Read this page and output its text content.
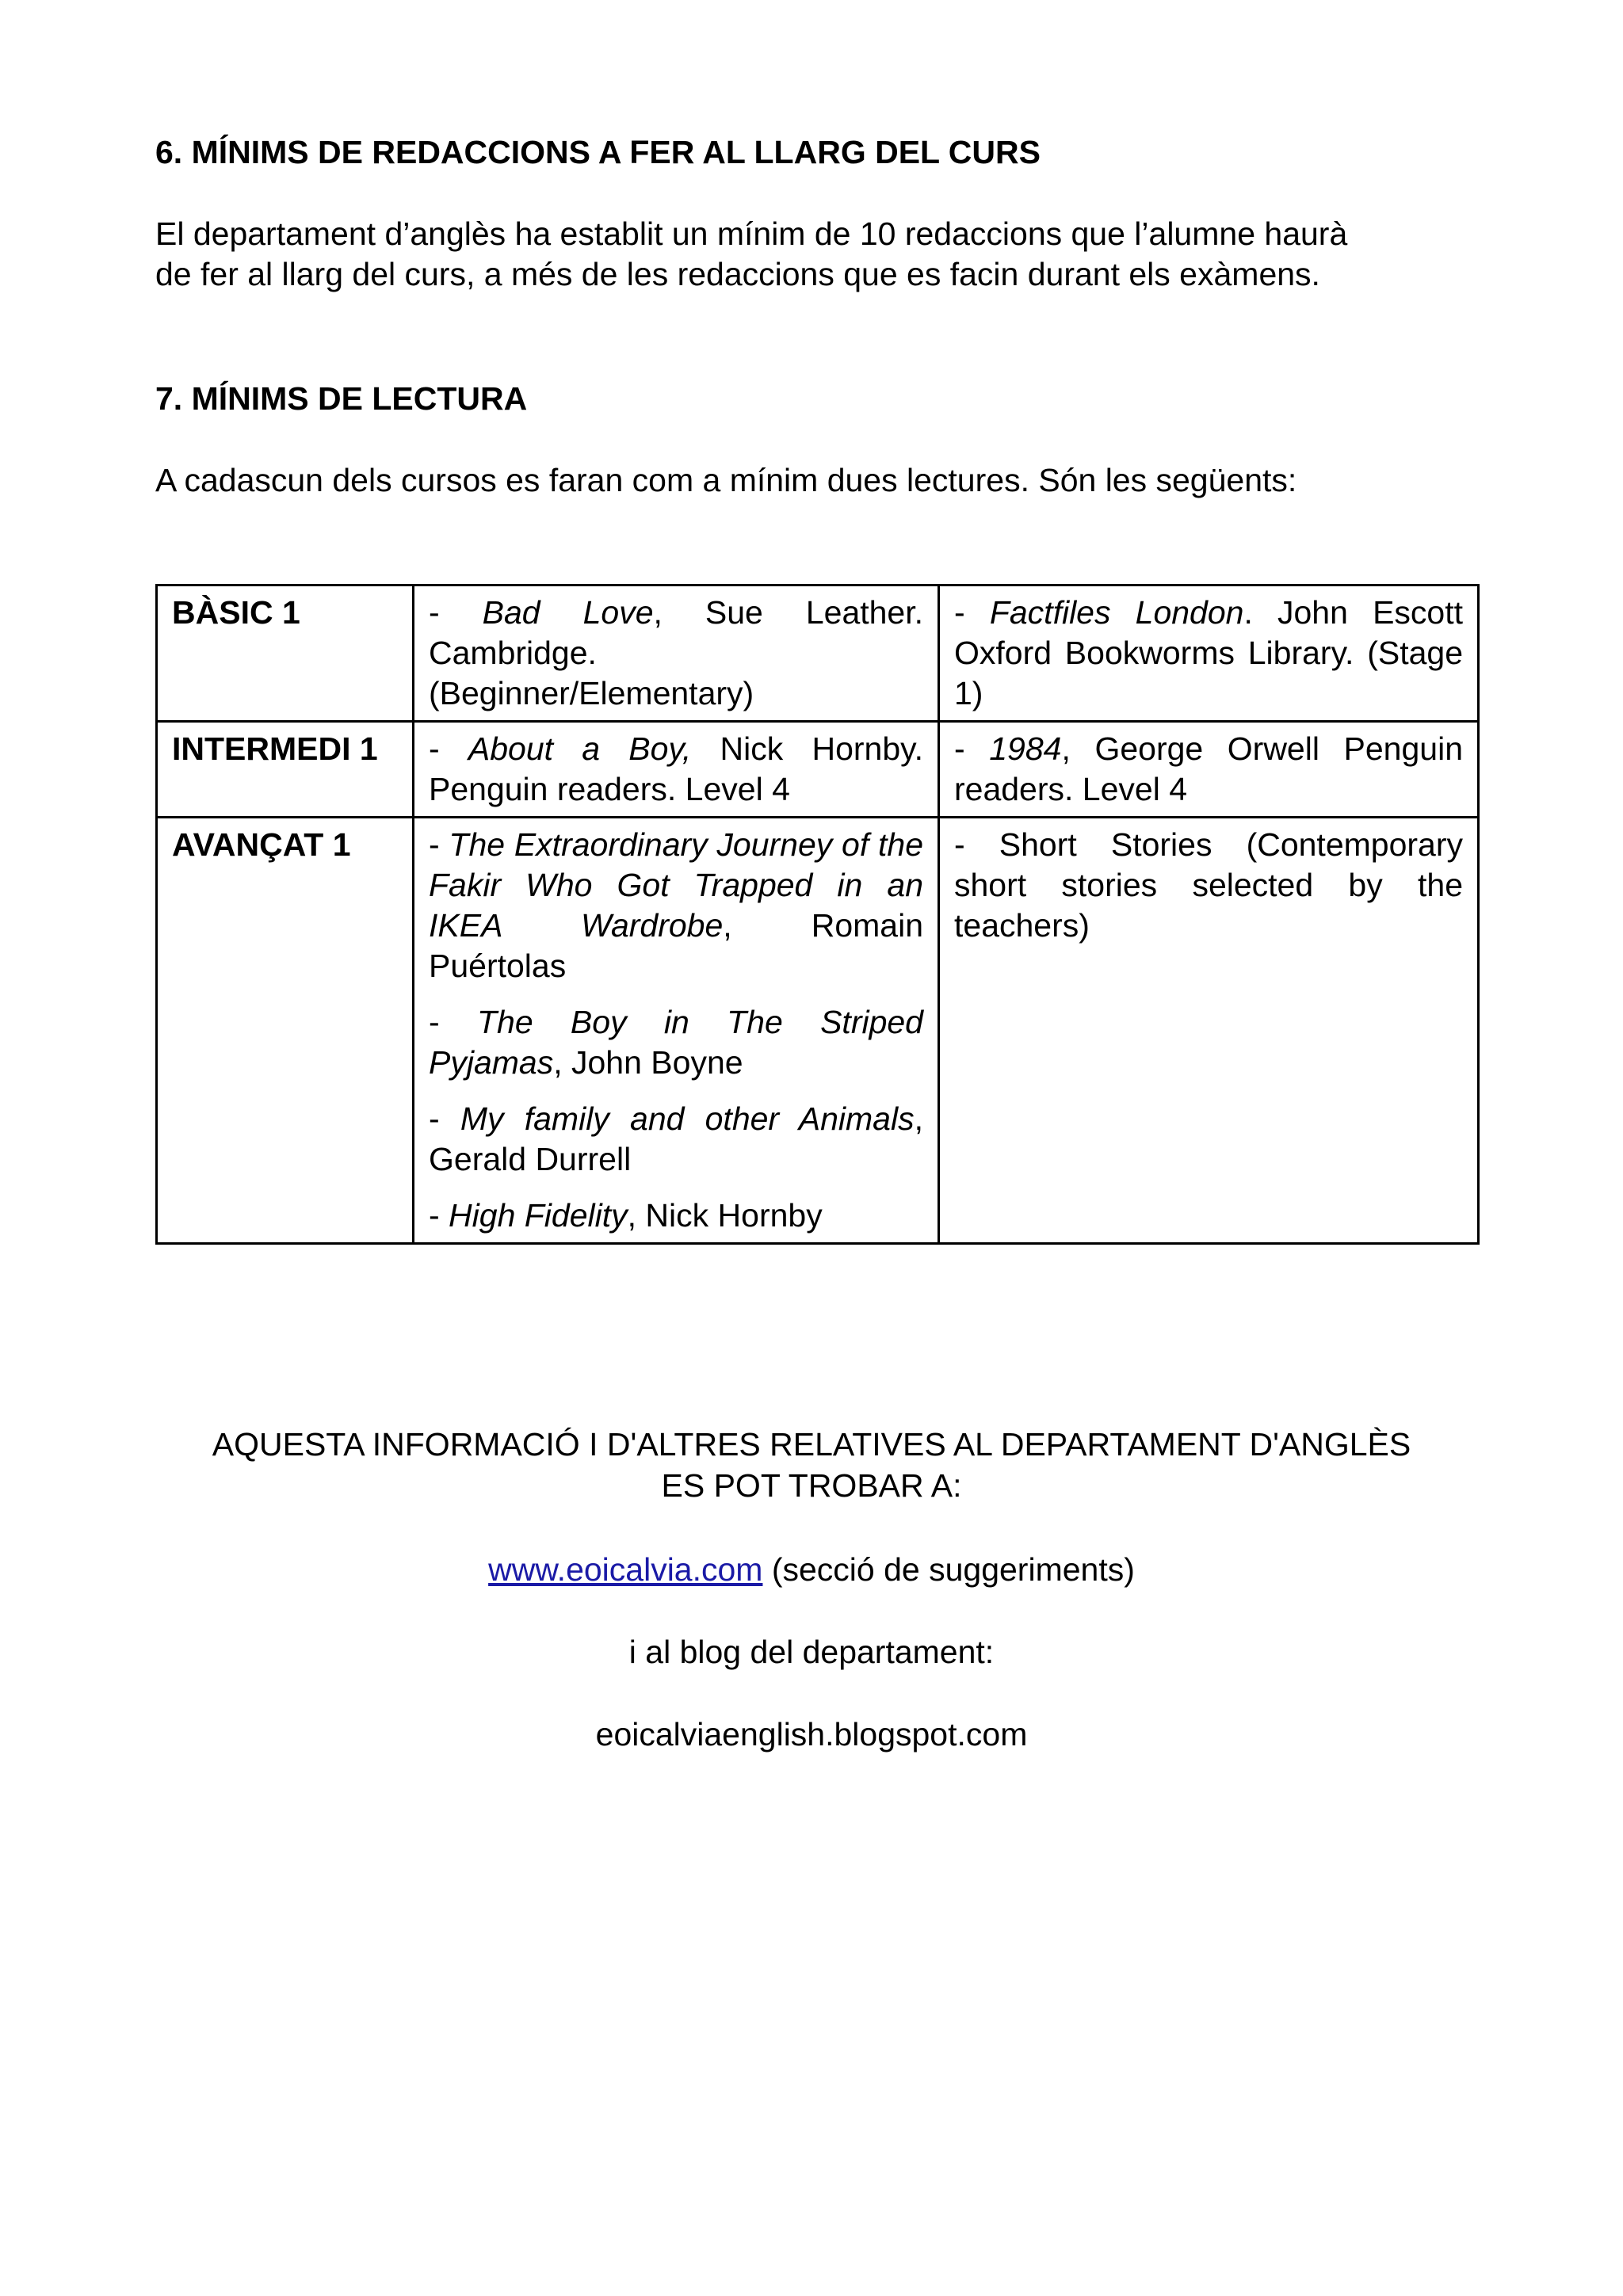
6. MÍNIMS DE REDACCIONS A FER AL LLARG DEL CURS

El departament d’anglès ha establit un mínim de 10 redaccions que l’alumne haurà

de fer al llarg del curs, a més de les redaccions que es facin durant els exàmens.

7. MÍNIMS DE LECTURA

A cadascun dels cursos es faran com a mínim dues lectures. Són les següents:

BÀSIC 1	- Bad Love, Sue Leather. Cambridge. (Beginner/Elementary)	- Factfiles London. John Escott Oxford Bookworms Library. (Stage 1)

INTERMEDI 1	- About a Boy, Nick Hornby. Penguin readers. Level 4	- 1984, George Orwell Penguin readers. Level 4

AVANÇAT 1	- The Extraordinary Journey of the Fakir Who Got Trapped in an IKEA Wardrobe, Romain Puértolas
- The Boy in The Striped Pyjamas, John Boyne
- My family and other Animals, Gerald Durrell
- High Fidelity, Nick Hornby	- Short Stories (Contemporary short stories selected by the teachers)
AQUESTA INFORMACIÓ I D'ALTRES RELATIVES AL DEPARTAMENT D'ANGLÈS
ES POT TROBAR A:
www.eoicalvia.com (secció de suggeriments)
i al blog del departament:
eoicalviaenglish.blogspot.com
